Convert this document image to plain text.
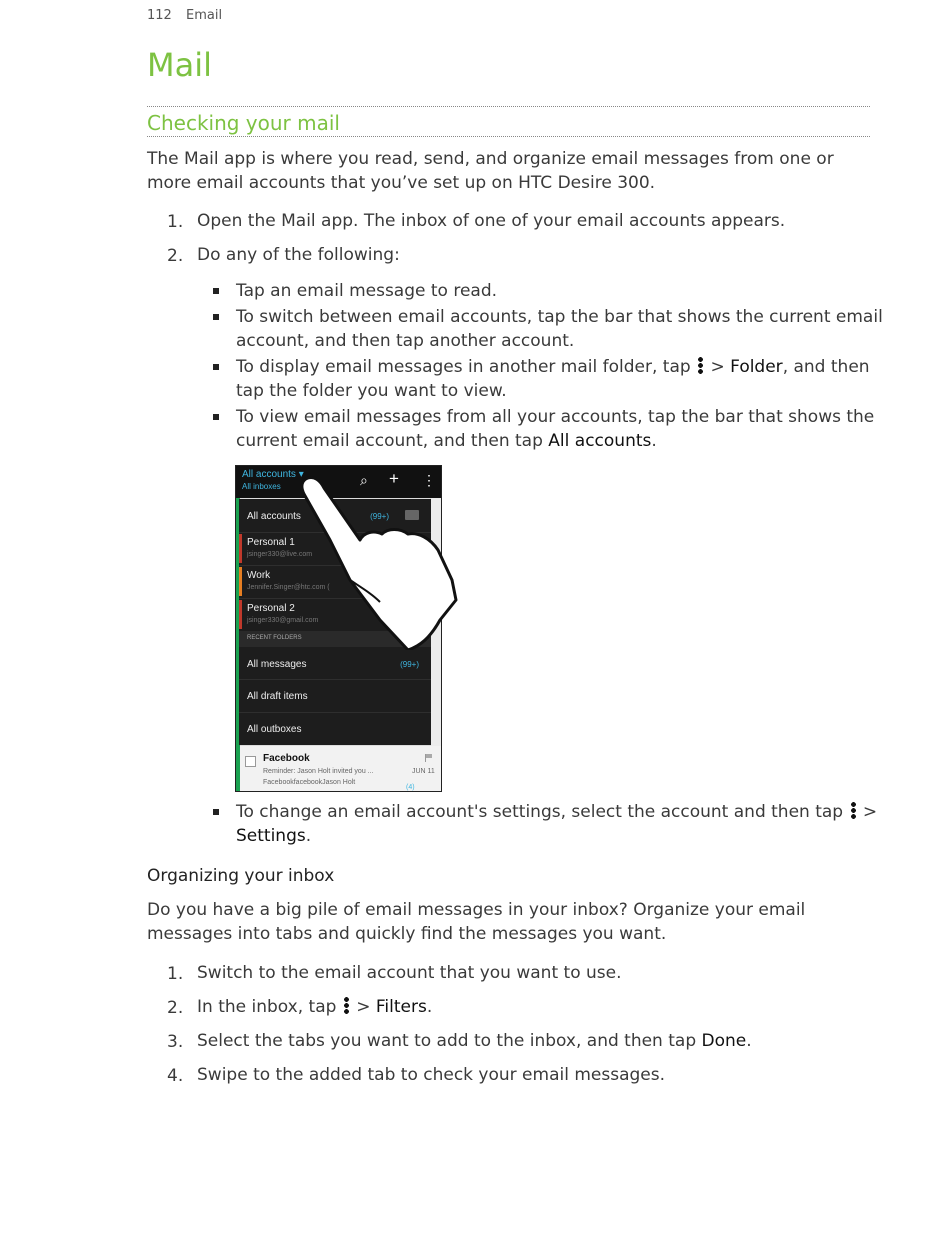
112 Email
Mail
Checking your mail
The Mail app is where you read, send, and organize email messages from one or more email accounts that you’ve set up on HTC Desire 300.
1. Open the Mail app. The inbox of one of your email accounts appears.
2. Do any of the following:
Tap an email message to read.
To switch between email accounts, tap the bar that shows the current email
account, and then tap another account.
To display email messages in another mail folder, tap > Folder, and then
tap the folder you want to view.
To view email messages from all your accounts, tap the bar that shows the
current email account, and then tap All accounts.
All accounts ▾
All inboxes	⌕ + ⋮
All accounts	(99+)
Personal 1
jsinger330@live.com
Work
Jennifer.Singer@htc.com (
Personal 2
jsinger330@gmail.com
RECENT FOLDERS
All messages	(99+)
All draft items
All outboxes
Facebook
Reminder: Jason Holt invited you ...	JUN 11
FacebookfacebookJason Holt
(4)
To change an email account's settings, select the account and then tap >
Settings.
Organizing your inbox
Do you have a big pile of email messages in your inbox? Organize your email
messages into tabs and quickly find the messages you want.
1. Switch to the email account that you want to use.
2. In the inbox, tap > Filters.
3. Select the tabs you want to add to the inbox, and then tap Done.
4. Swipe to the added tab to check your email messages.
